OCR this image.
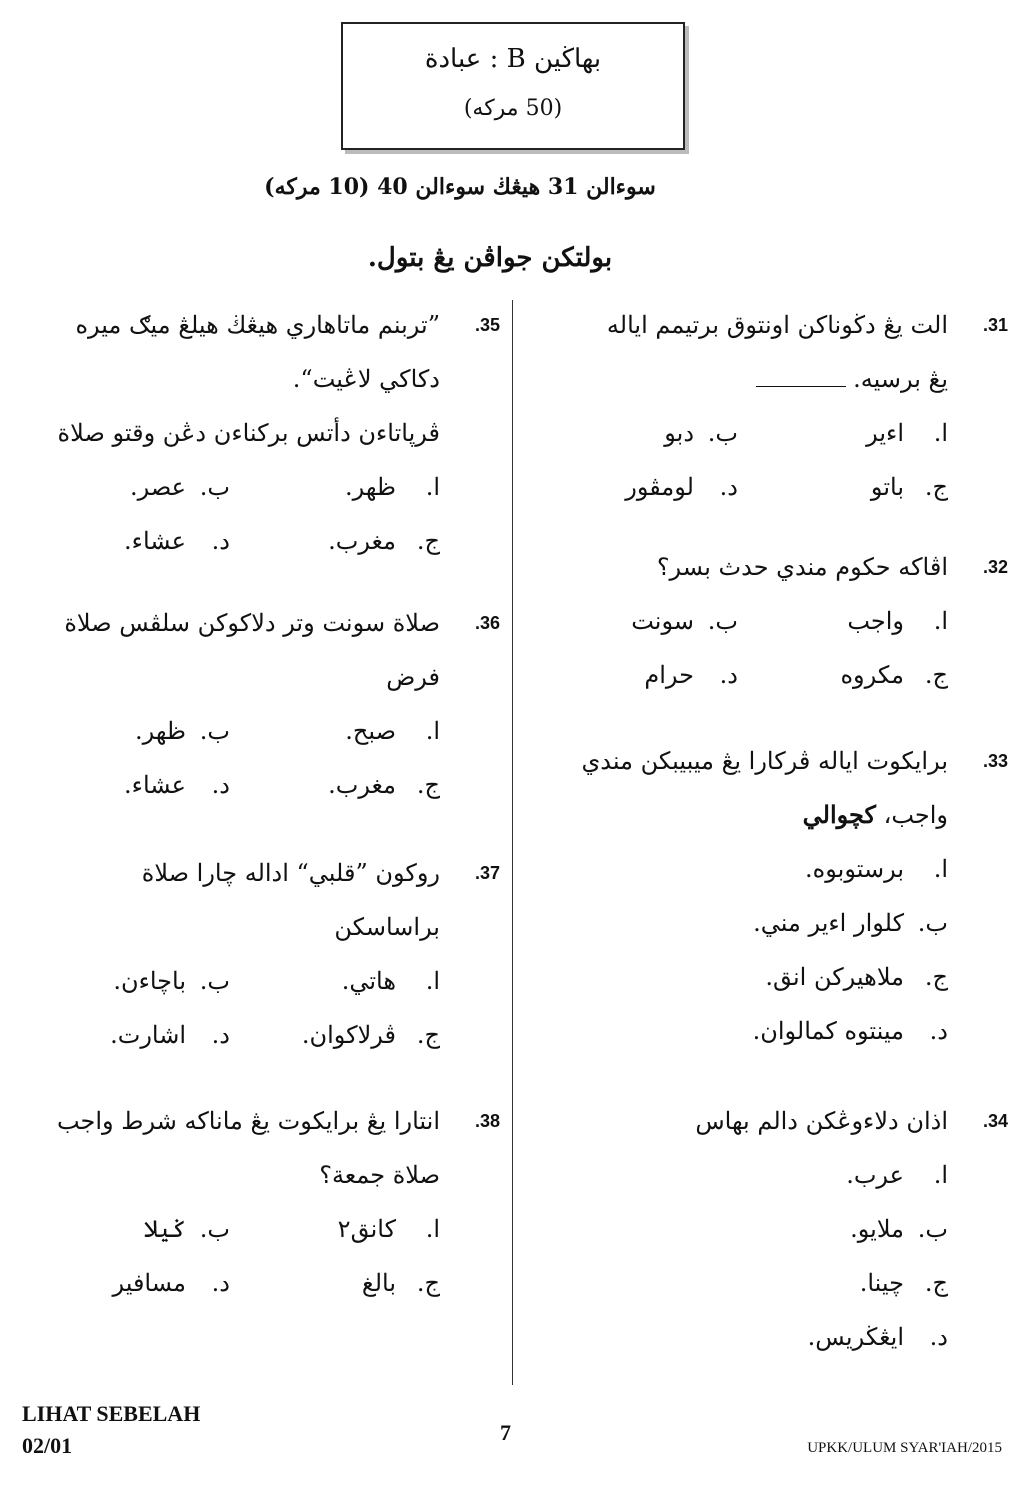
بهاڬين B : عبادة
(50 مركه)
سوءالن 31 هيڠڬ سوءالن 40 (10 مركه)
بولتكن جواڤن يڠ بتول.
31.
الت يڠ دڬوناكن اونتوق برتيمم اياله
يڠ برسيه.
ا.اءير
ب.دبو
ج.باتو
د.لومڤور
32.
اڤاكه حكوم مندي حدث بسر؟
ا.واجب
ب.سونت
ج.مكروه
د.حرام
33.
برايكوت اياله ڤركارا يڠ ميبيبكن مندي
واجب، كچوالي
ا.برستوبوه.
ب.كلوار اءير مني.
ج.ملاهيركن انق.
د.مينتوه كمالوان.
34.
اذان دلاءوڠكن دالم بهاس
ا.عرب.
ب.ملايو.
ج.چينا.
د.ايڠڬريس.
35.
”تربنم ماتاهاري هيڠڬ هيلڠ ميګ ميره
دكاكي لاڠيت“.
ڤرڽاتاءن دأتس بركناءن دڠن وقتو صلاة
ا.ظهر.
ب.عصر.
ج.مغرب.
د.عشاء.
36.
صلاة سونت وتر دلاكوكن سلڤس صلاة
فرض
ا.صبح.
ب.ظهر.
ج.مغرب.
د.عشاء.
37.
روكون ”قلبي“ اداله چارا صلاة
براساسكن
ا.هاتي.
ب.باچاءن.
ج.ڤرلاكوان.
د.اشارت.
38.
انتارا يڠ برايكوت يڠ ماناكه شرط واجب
صلاة جمعة؟
ا.كانق٢
ب.ݢيلا
ج.بالغ
د.مسافير
LIHAT SEBELAH
02/01
7
UPKK/ULUM SYAR'IAH/2015
